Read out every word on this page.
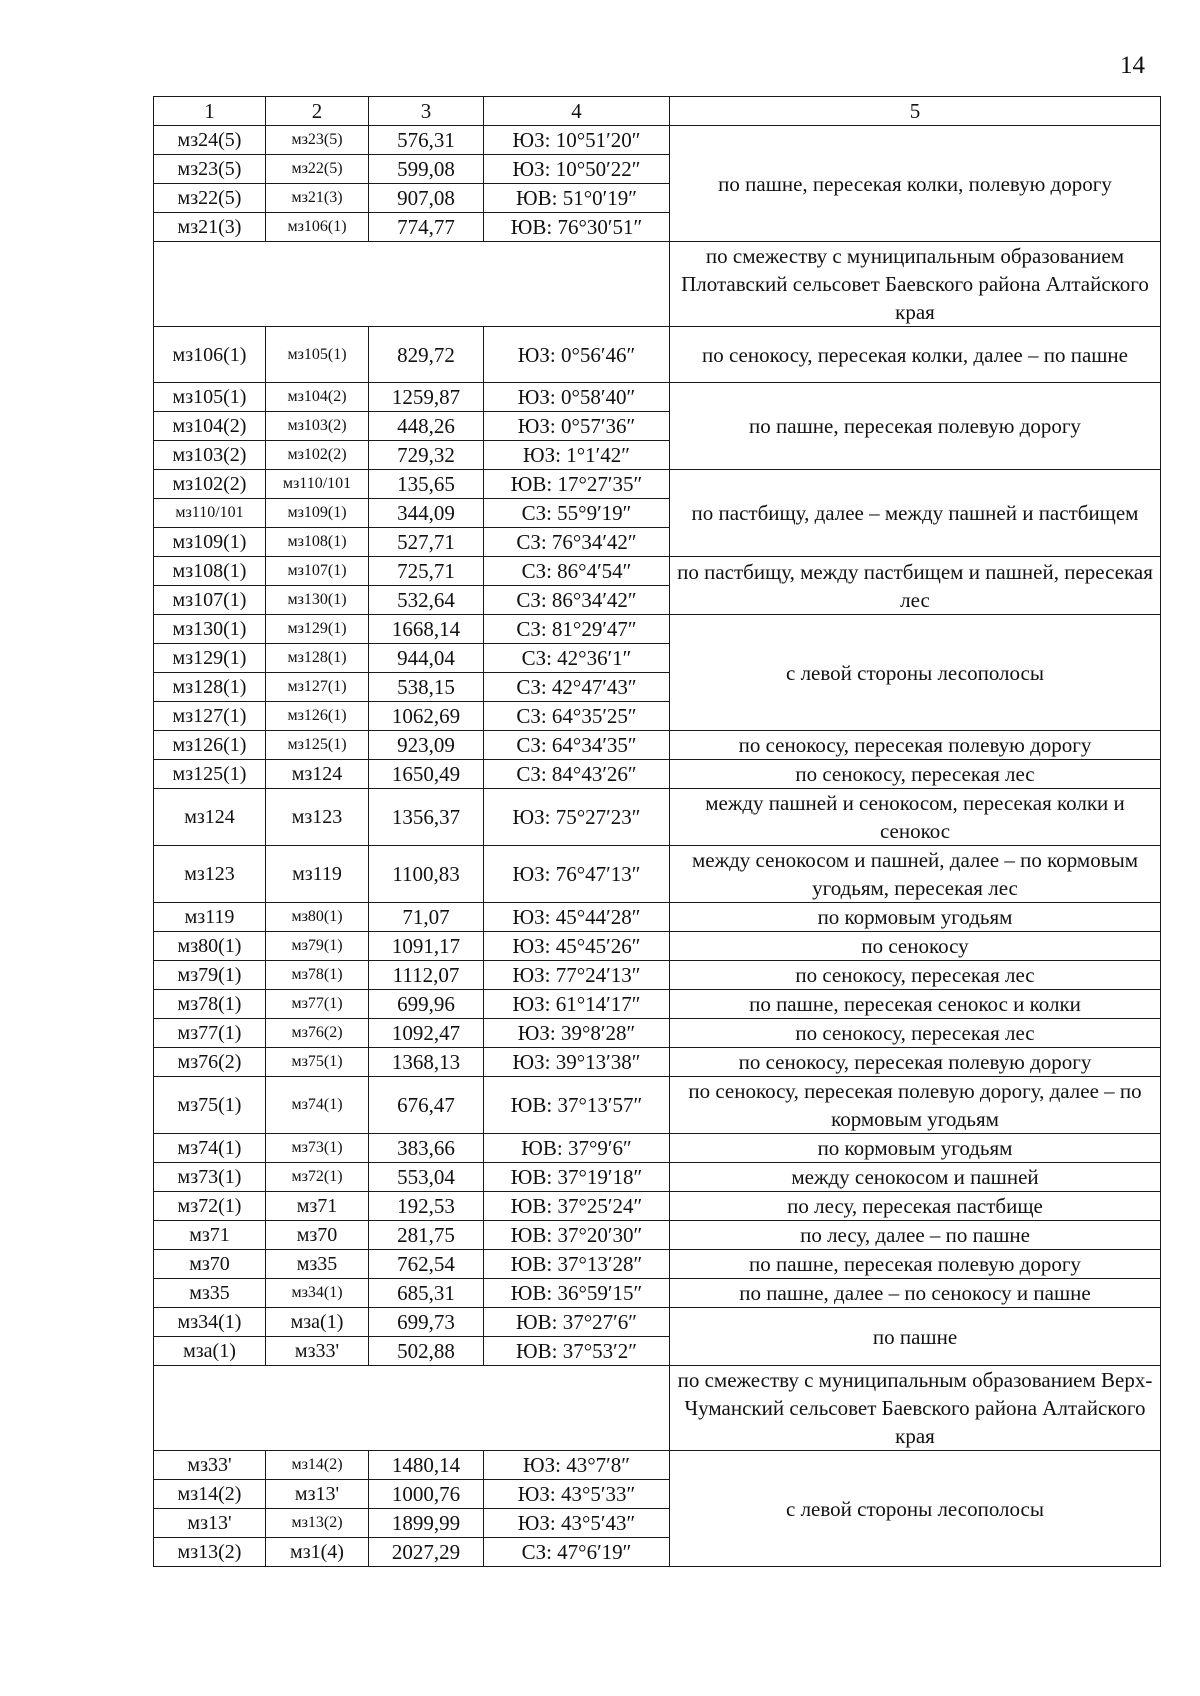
14
1	2	3	4	5
мз24(5)	мз23(5)	576,31	ЮЗ: 10°51′20″	по пашне, пересекая колки, полевую дорогу
мз23(5)	мз22(5)	599,08	ЮЗ: 10°50′22″	
мз22(5)	мз21(3)	907,08	ЮВ: 51°0′19″	
мз21(3)	мз106(1)	774,77	ЮВ: 76°30′51″	
				по смежеству с муниципальным образованием Плотавский сельсовет Баевского района Алтайского края
мз106(1)	мз105(1)	829,72	ЮЗ: 0°56′46″	по сенокосу, пересекая колки, далее – по пашне
мз105(1)	мз104(2)	1259,87	ЮЗ: 0°58′40″	по пашне, пересекая полевую дорогу
мз104(2)	мз103(2)	448,26	ЮЗ: 0°57′36″	
мз103(2)	мз102(2)	729,32	ЮЗ: 1°1′42″	
мз102(2)	мз110/101	135,65	ЮВ: 17°27′35″	по пастбищу, далее – между пашней и пастбищем
мз110/101	мз109(1)	344,09	СЗ: 55°9′19″	
мз109(1)	мз108(1)	527,71	СЗ: 76°34′42″	
мз108(1)	мз107(1)	725,71	СЗ: 86°4′54″	по пастбищу, между пастбищем и пашней, пересекая лес
мз107(1)	мз130(1)	532,64	СЗ: 86°34′42″	
мз130(1)	мз129(1)	1668,14	СЗ: 81°29′47″	с левой стороны лесополосы
мз129(1)	мз128(1)	944,04	СЗ: 42°36′1″	
мз128(1)	мз127(1)	538,15	СЗ: 42°47′43″	
мз127(1)	мз126(1)	1062,69	СЗ: 64°35′25″	
мз126(1)	мз125(1)	923,09	СЗ: 64°34′35″	по сенокосу, пересекая полевую дорогу
мз125(1)	мз124	1650,49	СЗ: 84°43′26″	по сенокосу, пересекая лес
мз124	мз123	1356,37	ЮЗ: 75°27′23″	между пашней и сенокосом, пересекая колки и сенокос
мз123	мз119	1100,83	ЮЗ: 76°47′13″	между сенокосом и пашней, далее – по кормовым угодьям, пересекая лес
мз119	мз80(1)	71,07	ЮЗ: 45°44′28″	по кормовым угодьям
мз80(1)	мз79(1)	1091,17	ЮЗ: 45°45′26″	по сенокосу
мз79(1)	мз78(1)	1112,07	ЮЗ: 77°24′13″	по сенокосу, пересекая лес
мз78(1)	мз77(1)	699,96	ЮЗ: 61°14′17″	по пашне, пересекая сенокос и колки
мз77(1)	мз76(2)	1092,47	ЮЗ: 39°8′28″	по сенокосу, пересекая лес
мз76(2)	мз75(1)	1368,13	ЮЗ: 39°13′38″	по сенокосу, пересекая полевую дорогу
мз75(1)	мз74(1)	676,47	ЮВ: 37°13′57″	по сенокосу, пересекая полевую дорогу, далее – по кормовым угодьям
мз74(1)	мз73(1)	383,66	ЮВ: 37°9′6″	по кормовым угодьям
мз73(1)	мз72(1)	553,04	ЮВ: 37°19′18″	между сенокосом и пашней
мз72(1)	мз71	192,53	ЮВ: 37°25′24″	по лесу, пересекая пастбище
мз71	мз70	281,75	ЮВ: 37°20′30″	по лесу, далее – по пашне
мз70	мз35	762,54	ЮВ: 37°13′28″	по пашне, пересекая полевую дорогу
мз35	мз34(1)	685,31	ЮВ: 36°59′15″	по пашне, далее – по сенокосу и пашне
мз34(1)	мза(1)	699,73	ЮВ: 37°27′6″	по пашне
мза(1)	мз33'	502,88	ЮВ: 37°53′2″	
				по смежеству с муниципальным образованием Верх-Чуманский сельсовет Баевского района Алтайского края
мз33'	мз14(2)	1480,14	ЮЗ: 43°7′8″	с левой стороны лесополосы
мз14(2)	мз13'	1000,76	ЮЗ: 43°5′33″	
мз13'	мз13(2)	1899,99	ЮЗ: 43°5′43″	
мз13(2)	мз1(4)	2027,29	СЗ: 47°6′19″	
